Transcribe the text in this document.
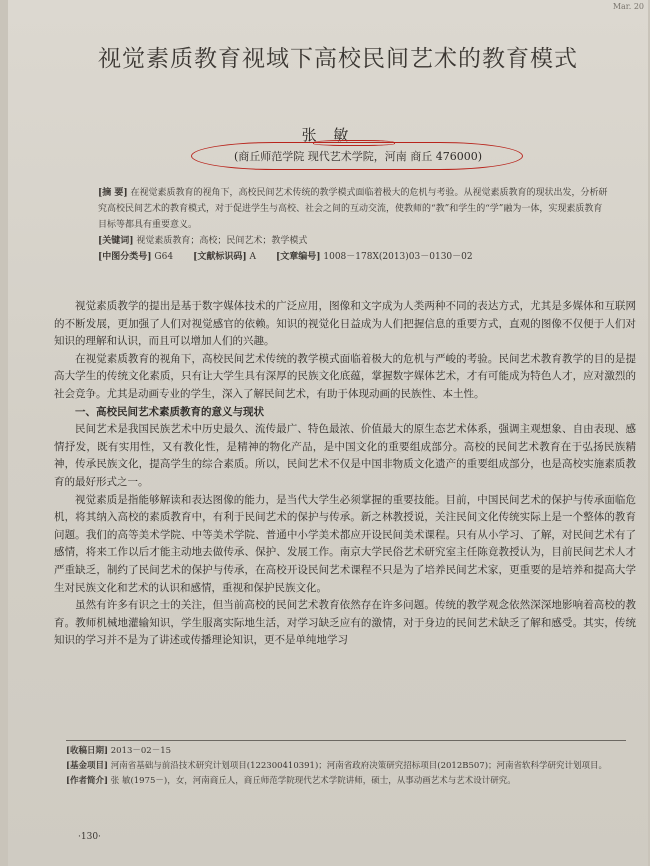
Mar. 20
视觉素质教育视域下高校民间艺术的教育模式
张 敏
(商丘师范学院 现代艺术学院，河南 商丘 476000)
[摘 要] 在视觉素质教育的视角下，高校民间艺术传统的教学模式面临着极大的危机与考验。从视觉素质教育的现状出发，分析研究高校民间艺术的教育模式，对于促进学生与高校、社会之间的互动交流，使教师的“教”和学生的“学”融为一体，实现素质教育目标等都具有重要意义。
[关键词] 视觉素质教育；高校；民间艺术；教学模式
[中图分类号] G64 [文献标识码] A [文章编号] 1008－178X(2013)03－0130－02

视觉素质教学的提出是基于数字媒体技术的广泛应用，图像和文字成为人类两种不同的表达方式，尤其是多媒体和互联网的不断发展，更加强了人们对视觉感官的依赖。知识的视觉化日益成为人们把握信息的重要方式，直观的图像不仅便于人们对知识的理解和认识，而且可以增加人们的兴趣。

在视觉素质教育的视角下，高校民间艺术传统的教学模式面临着极大的危机与严峻的考验。民间艺术教育教学的目的是提高大学生的传统文化素质，只有让大学生具有深厚的民族文化底蕴，掌握数字媒体艺术，才有可能成为特色人才，应对激烈的社会竞争。尤其是动画专业的学生，深入了解民间艺术，有助于体现动画的民族性、本土性。

一、高校民间艺术素质教育的意义与现状

民间艺术是我国民族艺术中历史最久、流传最广、特色最浓、价值最大的原生态艺术体系，强调主观想象、自由表现、感情抒发，既有实用性，又有教化性，是精神的物化产品，是中国文化的重要组成部分。高校的民间艺术教育在于弘扬民族精神，传承民族文化，提高学生的综合素质。所以，民间艺术不仅是中国非物质文化遗产的重要组成部分，也是高校实施素质教育的最好形式之一。

视觉素质是指能够解读和表达图像的能力，是当代大学生必须掌握的重要技能。目前，中国民间艺术的保护与传承面临危机，将其纳入高校的素质教育中，有利于民间艺术的保护与传承。新之林教授说，关注民间文化传统实际上是一个整体的教育问题。我们的高等美术学院、中等美术学院、普通中小学美术都应开设民间美术课程。只有从小学习、了解，对民间艺术有了感情，将来工作以后才能主动地去做传承、保护、发展工作。南京大学民俗艺术研究室主任陈竟教授认为，目前民间艺术人才严重缺乏，制约了民间艺术的保护与传承，在高校开设民间艺术课程不只是为了培养民间艺术家，更重要的是培养和提高大学生对民族文化和艺术的认识和感情，重视和保护民族文化。

虽然有许多有识之士的关注，但当前高校的民间艺术教育依然存在许多问题。传统的教学观念依然深深地影响着高校的教育。教师机械地灌输知识，学生服离实际地生活，对学习缺乏应有的激情，对于身边的民间艺术缺乏了解和感受。其实，传统知识的学习并不是为了讲述或传播理论知识，更不是单纯地学习

[收稿日期] 2013－02－15
[基金项目] 河南省基础与前沿技术研究计划项目(122300410391)；河南省政府决策研究招标项目(2012B507)；河南省软科学研究计划项目。
[作者简介] 张 敏(1975－)，女，河南商丘人，商丘师范学院现代艺术学院讲师，硕士，从事动画艺术与艺术设计研究。
·130·
